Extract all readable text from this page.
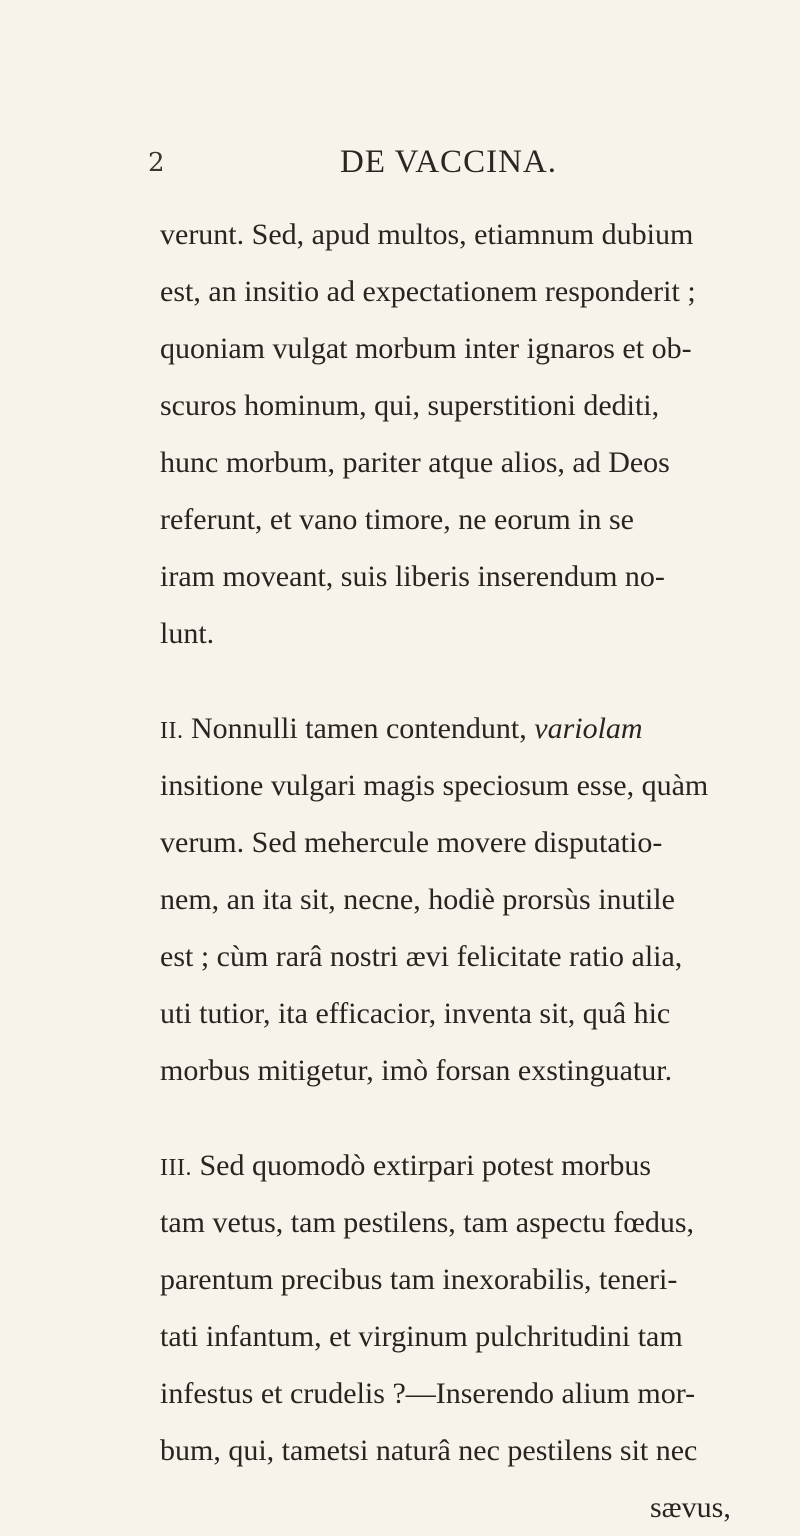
2	DE VACCINA.
verunt. Sed, apud multos, etiamnum dubium
est, an insitio ad expectationem responderit ;
quoniam vulgat morbum inter ignaros et ob-
scuros hominum, qui, superstitioni dediti,
hunc morbum, pariter atque alios, ad Deos
referunt, et vano timore, ne eorum in se
iram moveant, suis liberis inserendum no-
lunt.
II. Nonnulli tamen contendunt, variolam
insitione vulgari magis speciosum esse, quàm
verum. Sed mehercule movere disputatio-
nem, an ita sit, necne, hodiè prorsùs inutile
est ; cùm rarâ nostri ævi felicitate ratio alia,
uti tutior, ita efficacior, inventa sit, quâ hic
morbus mitigetur, imò forsan exstinguatur.
III. Sed quomodò extirpari potest morbus
tam vetus, tam pestilens, tam aspectu fœdus,
parentum precibus tam inexorabilis, teneri-
tati infantum, et virginum pulchritudini tam
infestus et crudelis ?—Inserendo alium mor-
bum, qui, tametsi naturâ nec pestilens sit nec
sævus,
